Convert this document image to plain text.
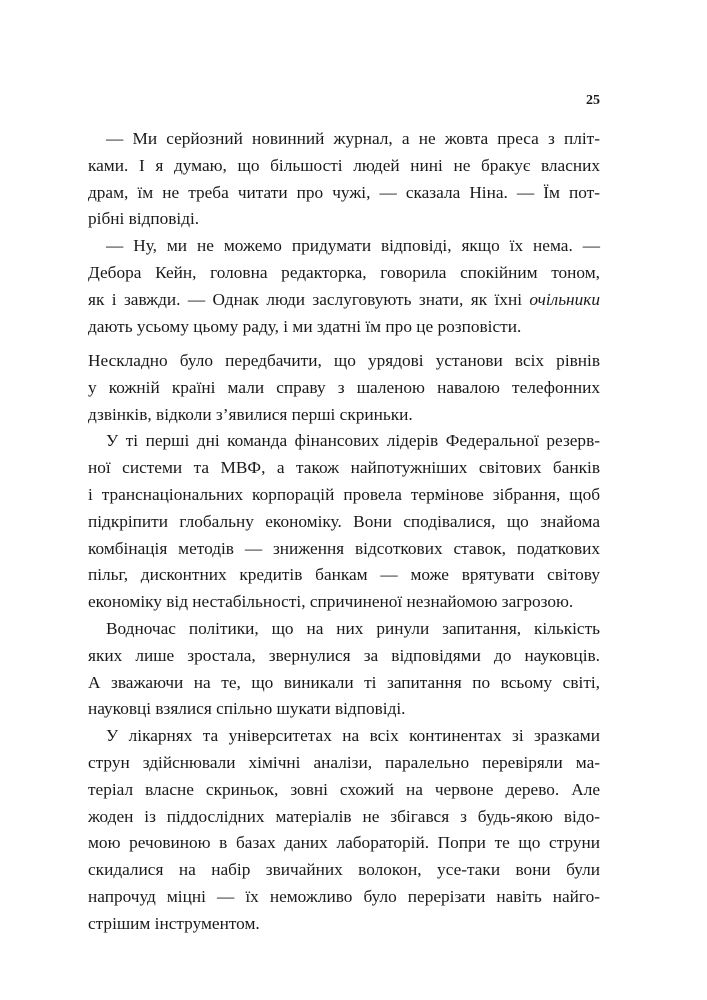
25
— Ми серйозний новинний журнал, а не жовта преса з пліт-
ками. І я думаю, що більшості людей нині не бракує власних
драм, їм не треба читати про чужі, — сказала Ніна. — Їм пот-
рібні відповіді.
— Ну, ми не можемо придумати відповіді, якщо їх нема. —
Дебора Кейн, головна редакторка, говорила спокійним тоном,
як і завжди. — Однак люди заслуговують знати, як їхні очільники
дають усьому цьому раду, і ми здатні їм про це розповісти.
Нескладно було передбачити, що урядові установи всіх рівнів
у кожній країні мали справу з шаленою навалою телефонних
дзвінків, відколи з’явилися перші скриньки.
У ті перші дні команда фінансових лідерів Федеральної резерв-
ної системи та МВФ, а також найпотужніших світових банків
і транснаціональних корпорацій провела термінове зібрання, щоб
підкріпити глобальну економіку. Вони сподівалися, що знайома
комбінація методів — зниження відсоткових ставок, податкових
пільг, дисконтних кредитів банкам — може врятувати світову
економіку від нестабільності, спричиненої незнайомою загрозою.
Водночас політики, що на них ринули запитання, кількість
яких лише зростала, звернулися за відповідями до науковців.
А зважаючи на те, що виникали ті запитання по всьому світі,
науковці взялися спільно шукати відповіді.
У лікарнях та університетах на всіх континентах зі зразками
струн здійснювали хімічні аналізи, паралельно перевіряли ма-
теріал власне скриньок, зовні схожий на червоне дерево. Але
жоден із піддослідних матеріалів не збігався з будь-якою відо-
мою речовиною в базах даних лабораторій. Попри те що струни
скидалися на набір звичайних волокон, усе-таки вони були
напрочуд міцні — їх неможливо було перерізати навіть найго-
стрішим інструментом.
